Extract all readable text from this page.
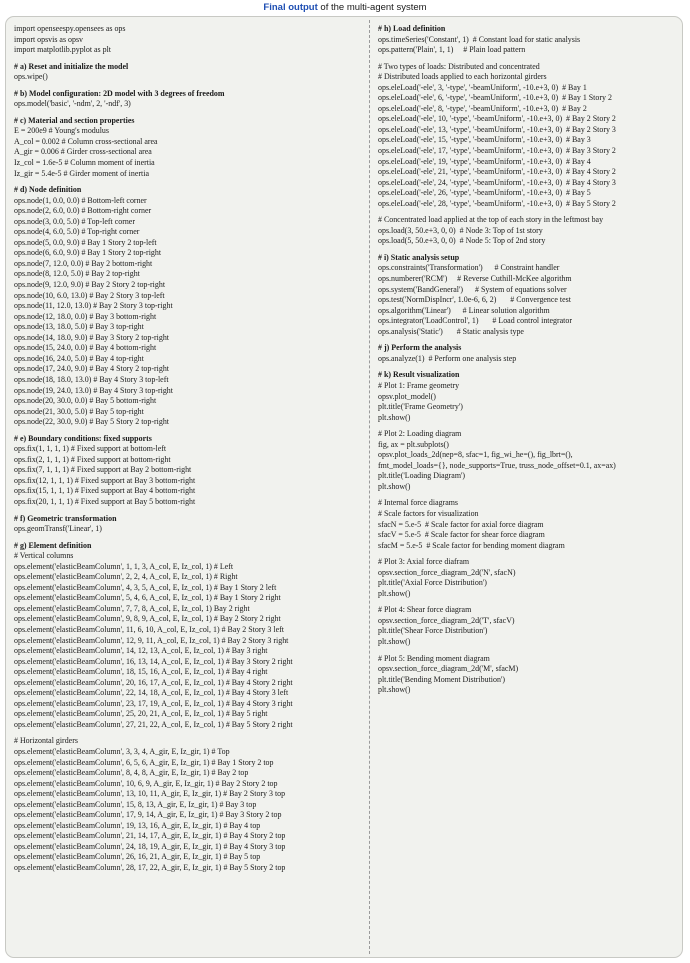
Final output of the multi-agent system
import openseespy.opensees as ops
import opsvis as opsv
import matplotlib.pyplot as plt
# a) Reset and initialize the model
ops.wipe()
# b) Model configuration: 2D model with 3 degrees of freedom
ops.model('basic', '-ndm', 2, '-ndf', 3)
# c) Material and section properties
E = 200e9 # Young's modulus
A_col = 0.002 # Column cross-sectional area
A_gir = 0.006 # Girder cross-sectional area
Iz_col = 1.6e-5 # Column moment of inertia
Iz_gir = 5.4e-5 # Girder moment of inertia
# d) Node definition
ops.node(1, 0.0, 0.0) # Bottom-left corner
ops.node(2, 6.0, 0.0) # Bottom-right corner
ops.node(3, 0.0, 5.0) # Top-left corner
ops.node(4, 6.0, 5.0) # Top-right corner
ops.node(5, 0.0, 9.0) # Bay 1 Story 2 top-left
ops.node(6, 6.0, 9.0) # Bay 1 Story 2 top-right
ops.node(7, 12.0, 0.0) # Bay 2 bottom-right
ops.node(8, 12.0, 5.0) # Bay 2 top-right
ops.node(9, 12.0, 9.0) # Bay 2 Story 2 top-right
ops.node(10, 6.0, 13.0) # Bay 2 Story 3 top-left
ops.node(11, 12.0, 13.0) # Bay 2 Story 3 top-right
ops.node(12, 18.0, 0.0) # Bay 3 bottom-right
ops.node(13, 18.0, 5.0) # Bay 3 top-right
ops.node(14, 18.0, 9.0) # Bay 3 Story 2 top-right
ops.node(15, 24.0, 0.0) # Bay 4 bottom-right
ops.node(16, 24.0, 5.0) # Bay 4 top-right
ops.node(17, 24.0, 9.0) # Bay 4 Story 2 top-right
ops.node(18, 18.0, 13.0) # Bay 4 Story 3 top-left
ops.node(19, 24.0, 13.0) # Bay 4 Story 3 top-right
ops.node(20, 30.0, 0.0) # Bay 5 bottom-right
ops.node(21, 30.0, 5.0) # Bay 5 top-right
ops.node(22, 30.0, 9.0) # Bay 5 Story 2 top-right
# e) Boundary conditions: fixed supports
ops.fix(1, 1, 1, 1) # Fixed support at bottom-left
ops.fix(2, 1, 1, 1) # Fixed support at bottom-right
ops.fix(7, 1, 1, 1) # Fixed support at Bay 2 bottom-right
ops.fix(12, 1, 1, 1) # Fixed support at Bay 3 bottom-right
ops.fix(15, 1, 1, 1) # Fixed support at Bay 4 bottom-right
ops.fix(20, 1, 1, 1) # Fixed support at Bay 5 bottom-right
# f) Geometric transformation
ops.geomTransf('Linear', 1)
# g) Element definition
# Vertical columns
ops.element('elasticBeamColumn', 1, 1, 3, A_col, E, Iz_col, 1) # Left
ops.element('elasticBeamColumn', 2, 2, 4, A_col, E, Iz_col, 1) # Right
ops.element('elasticBeamColumn', 4, 3, 5, A_col, E, Iz_col, 1) # Bay 1 Story 2 left
ops.element('elasticBeamColumn', 5, 4, 6, A_col, E, Iz_col, 1) # Bay 1 Story 2 right
ops.element('elasticBeamColumn', 7, 7, 8, A_col, E, Iz_col, 1) Bay 2 right
ops.element('elasticBeamColumn', 9, 8, 9, A_col, E, Iz_col, 1) # Bay 2 Story 2 right
ops.element('elasticBeamColumn', 11, 6, 10, A_col, E, Iz_col, 1) # Bay 2 Story 3 left
ops.element('elasticBeamColumn', 12, 9, 11, A_col, E, Iz_col, 1) # Bay 2 Story 3 right
ops.element('elasticBeamColumn', 14, 12, 13, A_col, E, Iz_col, 1) # Bay 3 right
ops.element('elasticBeamColumn', 16, 13, 14, A_col, E, Iz_col, 1) # Bay 3 Story 2 right
ops.element('elasticBeamColumn', 18, 15, 16, A_col, E, Iz_col, 1) # Bay 4 right
ops.element('elasticBeamColumn', 20, 16, 17, A_col, E, Iz_col, 1) # Bay 4 Story 2 right
ops.element('elasticBeamColumn', 22, 14, 18, A_col, E, Iz_col, 1) # Bay 4 Story 3 left
ops.element('elasticBeamColumn', 23, 17, 19, A_col, E, Iz_col, 1) # Bay 4 Story 3 right
ops.element('elasticBeamColumn', 25, 20, 21, A_col, E, Iz_col, 1) # Bay 5 right
ops.element('elasticBeamColumn', 27, 21, 22, A_col, E, Iz_col, 1) # Bay 5 Story 2 right
# Horizontal girders
ops.element('elasticBeamColumn', 3, 3, 4, A_gir, E, Iz_gir, 1) # Top
ops.element('elasticBeamColumn', 6, 5, 6, A_gir, E, Iz_gir, 1) # Bay 1 Story 2 top
ops.element('elasticBeamColumn', 8, 4, 8, A_gir, E, Iz_gir, 1) # Bay 2 top
ops.element('elasticBeamColumn', 10, 6, 9, A_gir, E, Iz_gir, 1) # Bay 2 Story 2 top
ops.element('elasticBeamColumn', 13, 10, 11, A_gir, E, Iz_gir, 1) # Bay 2 Story 3 top
ops.element('elasticBeamColumn', 15, 8, 13, A_gir, E, Iz_gir, 1) # Bay 3 top
ops.element('elasticBeamColumn', 17, 9, 14, A_gir, E, Iz_gir, 1) # Bay 3 Story 2 top
ops.element('elasticBeamColumn', 19, 13, 16, A_gir, E, Iz_gir, 1) # Bay 4 top
ops.element('elasticBeamColumn', 21, 14, 17, A_gir, E, Iz_gir, 1) # Bay 4 Story 2 top
ops.element('elasticBeamColumn', 24, 18, 19, A_gir, E, Iz_gir, 1) # Bay 4 Story 3 top
ops.element('elasticBeamColumn', 26, 16, 21, A_gir, E, Iz_gir, 1) # Bay 5 top
ops.element('elasticBeamColumn', 28, 17, 22, A_gir, E, Iz_gir, 1) # Bay 5 Story 2 top
# h) Load definition
ops.timeSeries('Constant', 1)  # Constant load for static analysis
ops.pattern('Plain', 1, 1)     # Plain load pattern
# Two types of loads: Distributed and concentrated
# Distributed loads applied to each horizontal girders
ops.eleLoad('-ele', 3, '-type', '-beamUniform', -10.e+3, 0)  # Bay 1
ops.eleLoad('-ele', 6, '-type', '-beamUniform', -10.e+3, 0)  # Bay 1 Story 2
ops.eleLoad('-ele', 8, '-type', '-beamUniform', -10.e+3, 0)  # Bay 2
ops.eleLoad('-ele', 10, '-type', '-beamUniform', -10.e+3, 0)  # Bay 2 Story 2
ops.eleLoad('-ele', 13, '-type', '-beamUniform', -10.e+3, 0)  # Bay 2 Story 3
ops.eleLoad('-ele', 15, '-type', '-beamUniform', -10.e+3, 0)  # Bay 3
ops.eleLoad('-ele', 17, '-type', '-beamUniform', -10.e+3, 0)  # Bay 3 Story 2
ops.eleLoad('-ele', 19, '-type', '-beamUniform', -10.e+3, 0)  # Bay 4
ops.eleLoad('-ele', 21, '-type', '-beamUniform', -10.e+3, 0)  # Bay 4 Story 2
ops.eleLoad('-ele', 24, '-type', '-beamUniform', -10.e+3, 0)  # Bay 4 Story 3
ops.eleLoad('-ele', 26, '-type', '-beamUniform', -10.e+3, 0)  # Bay 5
ops.eleLoad('-ele', 28, '-type', '-beamUniform', -10.e+3, 0)  # Bay 5 Story 2
# Concentrated load applied at the top of each story in the leftmost bay
ops.load(3, 50.e+3, 0, 0)  # Node 3: Top of 1st story
ops.load(5, 50.e+3, 0, 0)  # Node 5: Top of 2nd story
# i) Static analysis setup
ops.constraints('Transformation')      # Constraint handler
ops.numberer('RCM')     # Reverse Cuthill-McKee algorithm
ops.system('BandGeneral')      # System of equations solver
ops.test('NormDispIncr', 1.0e-6, 6, 2)       # Convergence test
ops.algorithm('Linear')      # Linear solution algorithm
ops.integrator('LoadControl', 1)       # Load control integrator
ops.analysis('Static')       # Static analysis type
# j) Perform the analysis
ops.analyze(1)  # Perform one analysis step
# k) Result visualization
# Plot 1: Frame geometry
opsv.plot_model()
plt.title('Frame Geometry')
plt.show()
# Plot 2: Loading diagram
fig, ax = plt.subplots()
opsv.plot_loads_2d(nep=8, sfac=1, fig_wi_he=(), fig_lbrt=(),
fmt_model_loads={}, node_supports=True, truss_node_offset=0.1, ax=ax)
plt.title('Loading Diagram')
plt.show()
# Internal force diagrams
# Scale factors for visualization
sfacN = 5.e-5  # Scale factor for axial force diagram
sfacV = 5.e-5  # Scale factor for shear force diagram
sfacM = 5.e-5  # Scale factor for bending moment diagram
# Plot 3: Axial force diafram
opsv.section_force_diagram_2d('N', sfacN)
plt.title('Axial Force Distribution')
plt.show()
# Plot 4: Shear force diagram
opsv.section_force_diagram_2d('T', sfacV)
plt.title('Shear Force Distribution')
plt.show()
# Plot 5: Bending moment diagram
opsv.section_force_diagram_2d('M', sfacM)
plt.title('Bending Moment Distribution')
plt.show()
